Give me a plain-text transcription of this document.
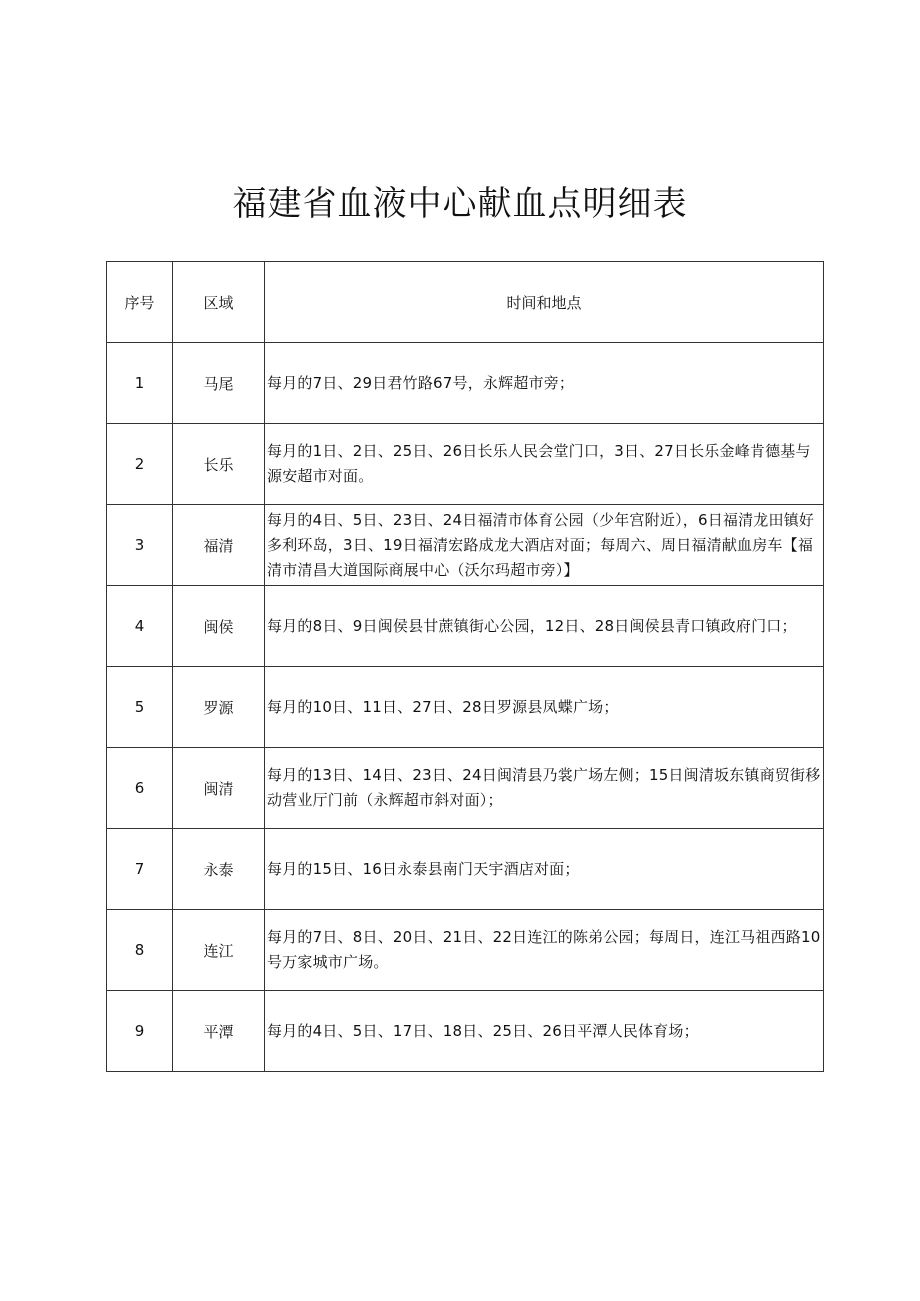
福建省血液中心献血点明细表
序号	区域	时间和地点
1	马尾	每月的7日、29日君竹路67号，永辉超市旁；
2	长乐	每月的1日、2日、25日、26日长乐人民会堂门口，3日、27日长乐金峰肯德基与源安超市对面。
3	福清	每月的4日、5日、23日、24日福清市体育公园（少年宫附近），6日福清龙田镇好多利环岛，3日、19日福清宏路成龙大酒店对面；每周六、周日福清献血房车【福清市清昌大道国际商展中心（沃尔玛超市旁）】
4	闽侯	每月的8日、9日闽侯县甘蔗镇街心公园，12日、28日闽侯县青口镇政府门口；
5	罗源	每月的10日、11日、27日、28日罗源县凤蝶广场；
6	闽清	每月的13日、14日、23日、24日闽清县乃裳广场左侧；15日闽清坂东镇商贸街移动营业厅门前（永辉超市斜对面）；
7	永泰	每月的15日、16日永泰县南门天宇酒店对面；
8	连江	每月的7日、8日、20日、21日、22日连江的陈弟公园；每周日，连江马祖西路10号万家城市广场。
9	平潭	每月的4日、5日、17日、18日、25日、26日平潭人民体育场；
